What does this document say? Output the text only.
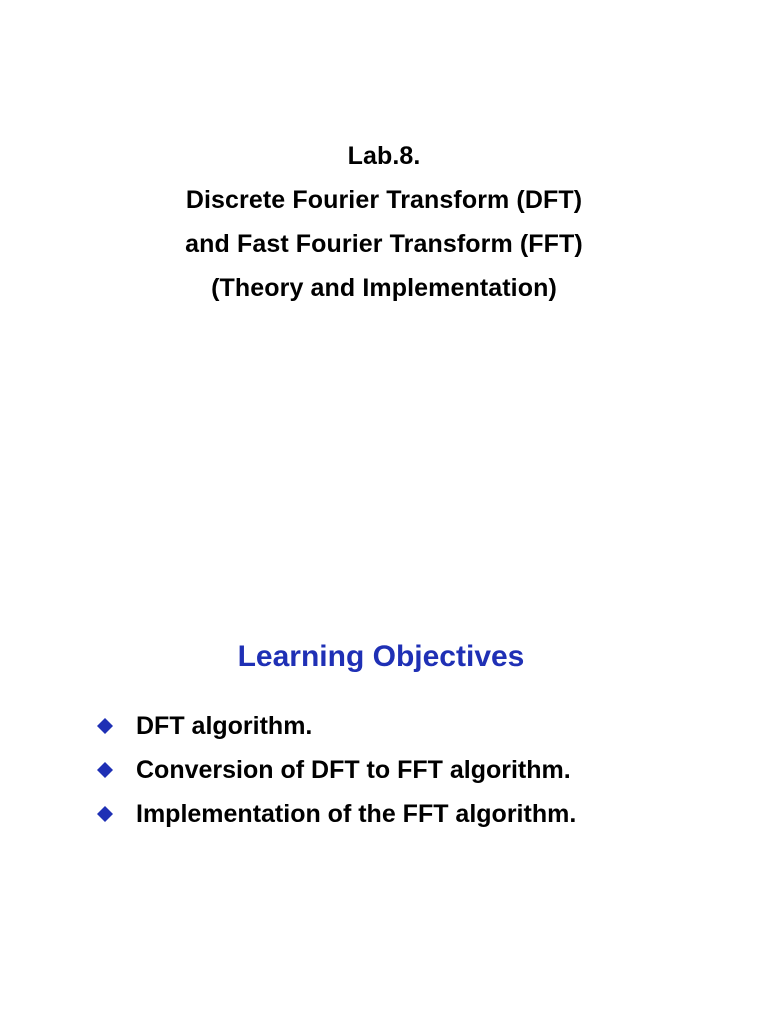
Lab.8.
Discrete Fourier Transform (DFT)
and Fast Fourier Transform (FFT)
(Theory and Implementation)
Learning Objectives
DFT algorithm.
Conversion of DFT to FFT algorithm.
Implementation of the FFT algorithm.
